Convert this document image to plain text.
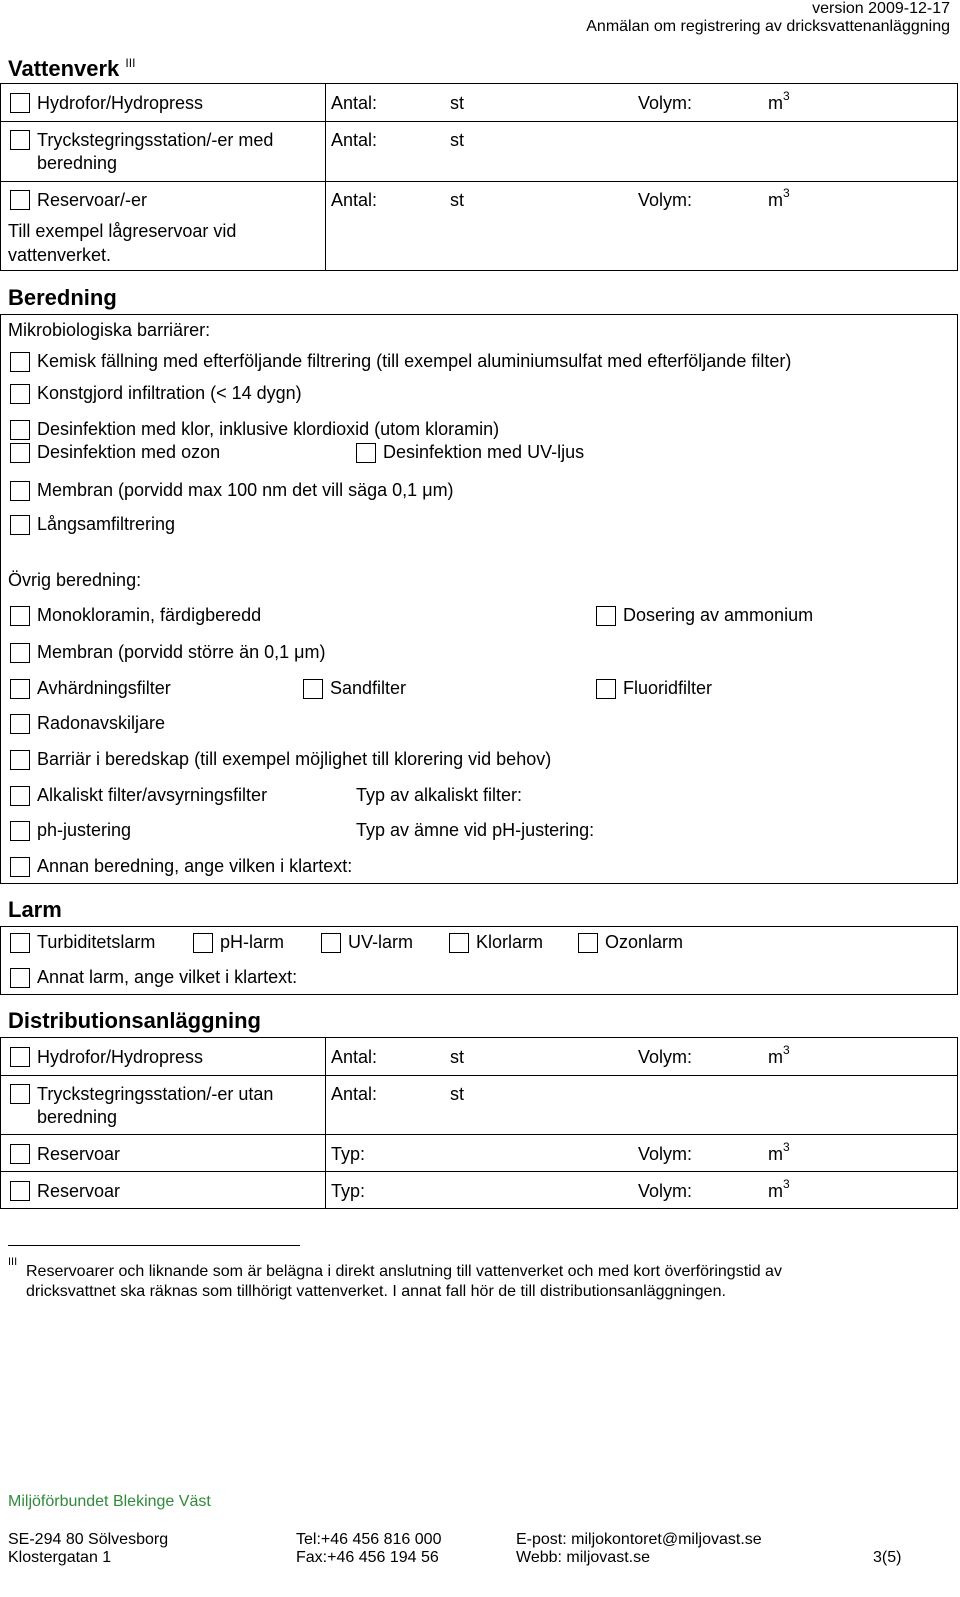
version 2009-12-17
Anmälan om registrering av dricksvattenanläggning
Vattenverk $^{III}$
Hydrofor/Hydropress	Antal:	st	Volym:	$m^3$
Tryckstegringsstation/-er med
beredning
Antal:	st
Reservoar/-er
Till exempel lågreservoar vid
vattenverket.
Antal:	st	Volym:	$m^3$
Beredning
Mikrobiologiska barriärer:
Kemisk fällning med efterföljande filtrering (till exempel aluminiumsulfat med efterföljande filter)
Konstgjord infiltration (< 14 dygn)
Desinfektion med klor, inklusive klordioxid (utom kloramin)
Desinfektion med ozon	Desinfektion med UV-ljus
Membran (porvidd max 100 nm det vill säga 0,1 μm)
Långsamfiltrering
Övrig beredning:
Monokloramin, färdigberedd	Dosering av ammonium
Membran (porvidd större än 0,1 μm)
Avhärdningsfilter	Sandfilter	Fluoridfilter
Radonavskiljare
Barriär i beredskap (till exempel möjlighet till klorering vid behov)
Alkaliskt filter/avsyrningsfilter	Typ av alkaliskt filter:
ph-justering	Typ av ämne vid pH-justering:
Annan beredning, ange vilken i klartext:
Larm
Turbiditetslarm	pH-larm	UV-larm	Klorlarm	Ozonlarm
Annat larm, ange vilket i klartext:
Distributionsanläggning
Hydrofor/Hydropress	Antal:	st	Volym:	$m^3$
Tryckstegringsstation/-er utan
beredning
Antal:	st
Reservoar	Typ:	Volym:	$m^3$
Reservoar	Typ:	Volym:	$m^3$
III
Reservoarer och liknande som är belägna i direkt anslutning till vattenverket och med kort överföringstid av
dricksvattnet ska räknas som tillhörigt vattenverket. I annat fall hör de till distributionsanläggningen.
Miljöförbundet Blekinge Väst
SE-294 80 Sölvesborg
Klostergatan 1
Tel:+46 456 816 000
Fax:+46 456 194 56
E-post: miljokontoret@miljovast.se
Webb: miljovast.se	3(5)
